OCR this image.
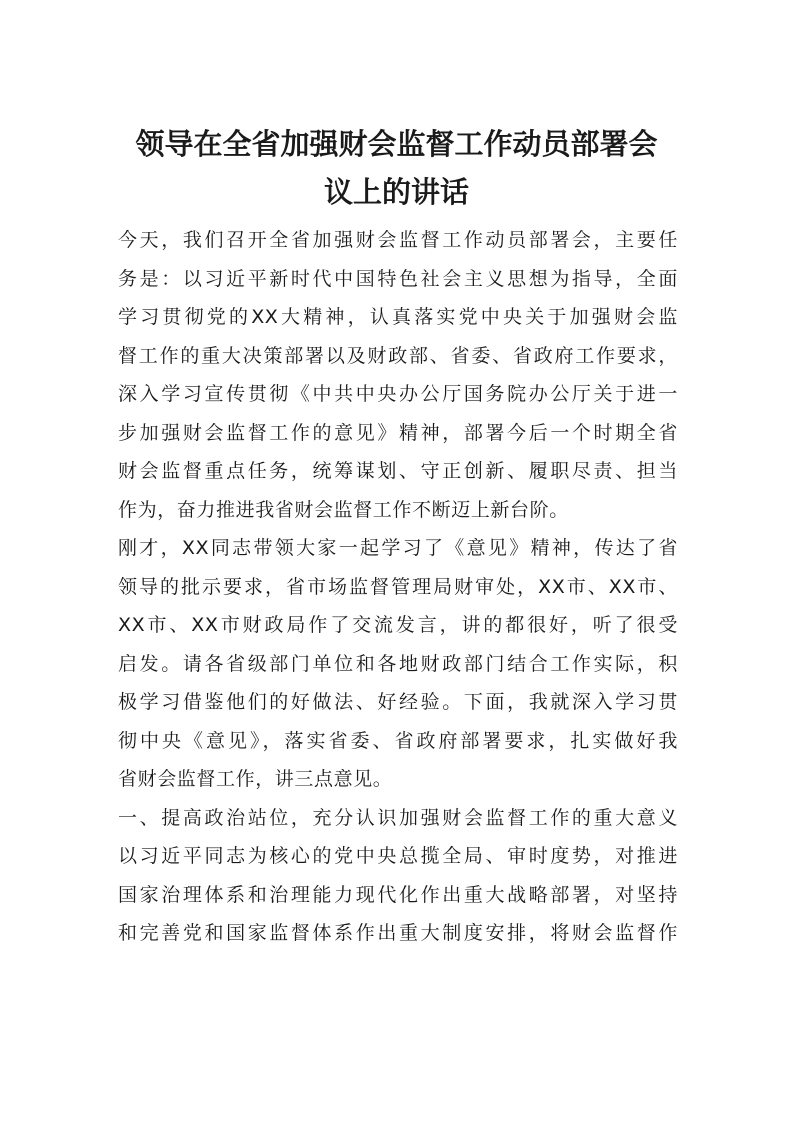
领导在全省加强财会监督工作动员部署会
议上的讲话
今天，我们召开全省加强财会监督工作动员部署会，主要任
务是：以习近平新时代中国特色社会主义思想为指导，全面
学习贯彻党的XX大精神，认真落实党中央关于加强财会监
督工作的重大决策部署以及财政部、省委、省政府工作要求，
深入学习宣传贯彻《中共中央办公厅国务院办公厅关于进一
步加强财会监督工作的意见》精神，部署今后一个时期全省
财会监督重点任务，统筹谋划、守正创新、履职尽责、担当
作为，奋力推进我省财会监督工作不断迈上新台阶。
刚才，XX同志带领大家一起学习了《意见》精神，传达了省
领导的批示要求，省市场监督管理局财审处，XX市、XX市、
XX市、XX市财政局作了交流发言，讲的都很好，听了很受
启发。请各省级部门单位和各地财政部门结合工作实际，积
极学习借鉴他们的好做法、好经验。下面，我就深入学习贯
彻中央《意见》，落实省委、省政府部署要求，扎实做好我
省财会监督工作，讲三点意见。
一、提高政治站位，充分认识加强财会监督工作的重大意义
以习近平同志为核心的党中央总揽全局、审时度势，对推进
国家治理体系和治理能力现代化作出重大战略部署，对坚持
和完善党和国家监督体系作出重大制度安排，将财会监督作
